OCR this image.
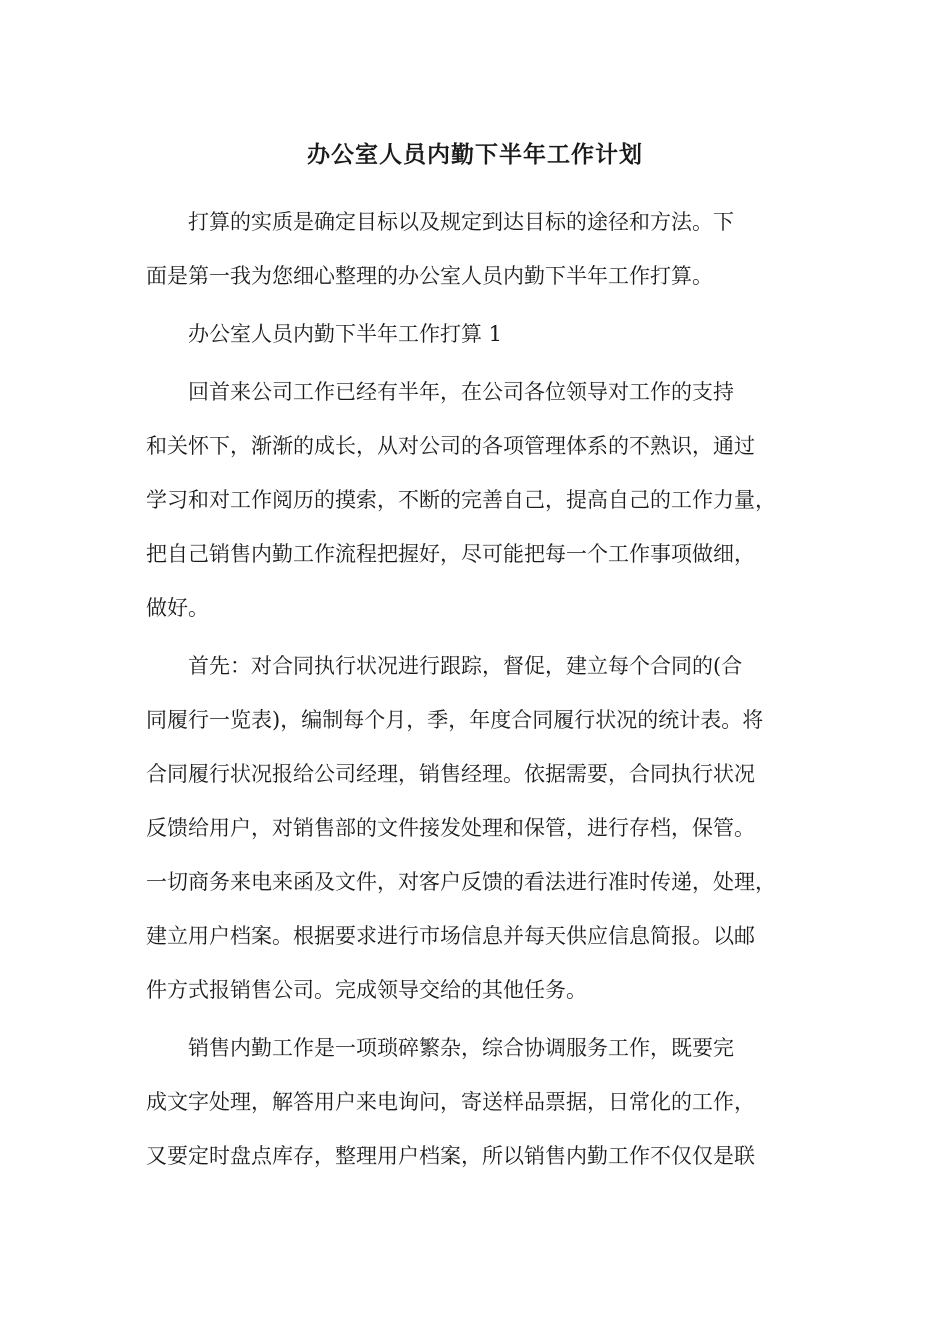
办公室人员内勤下半年工作计划
打算的实质是确定目标以及规定到达目标的途径和方法。下
面是第一我为您细心整理的办公室人员内勤下半年工作打算。
办公室人员内勤下半年工作打算 1
回首来公司工作已经有半年，在公司各位领导对工作的支持
和关怀下，渐渐的成长，从对公司的各项管理体系的不熟识，通过
学习和对工作阅历的摸索，不断的完善自己，提高自己的工作力量，
把自己销售内勤工作流程把握好，尽可能把每一个工作事项做细，
做好。
首先：对合同执行状况进行跟踪，督促，建立每个合同的(合
同履行一览表)，编制每个月，季，年度合同履行状况的统计表。将
合同履行状况报给公司经理，销售经理。依据需要，合同执行状况
反馈给用户，对销售部的文件接发处理和保管，进行存档，保管。
一切商务来电来函及文件，对客户反馈的看法进行准时传递，处理，
建立用户档案。根据要求进行市场信息并每天供应信息简报。以邮
件方式报销售公司。完成领导交给的其他任务。
销售内勤工作是一项琐碎繁杂，综合协调服务工作，既要完
成文字处理，解答用户来电询问，寄送样品票据，日常化的工作，
又要定时盘点库存，整理用户档案，所以销售内勤工作不仅仅是联
